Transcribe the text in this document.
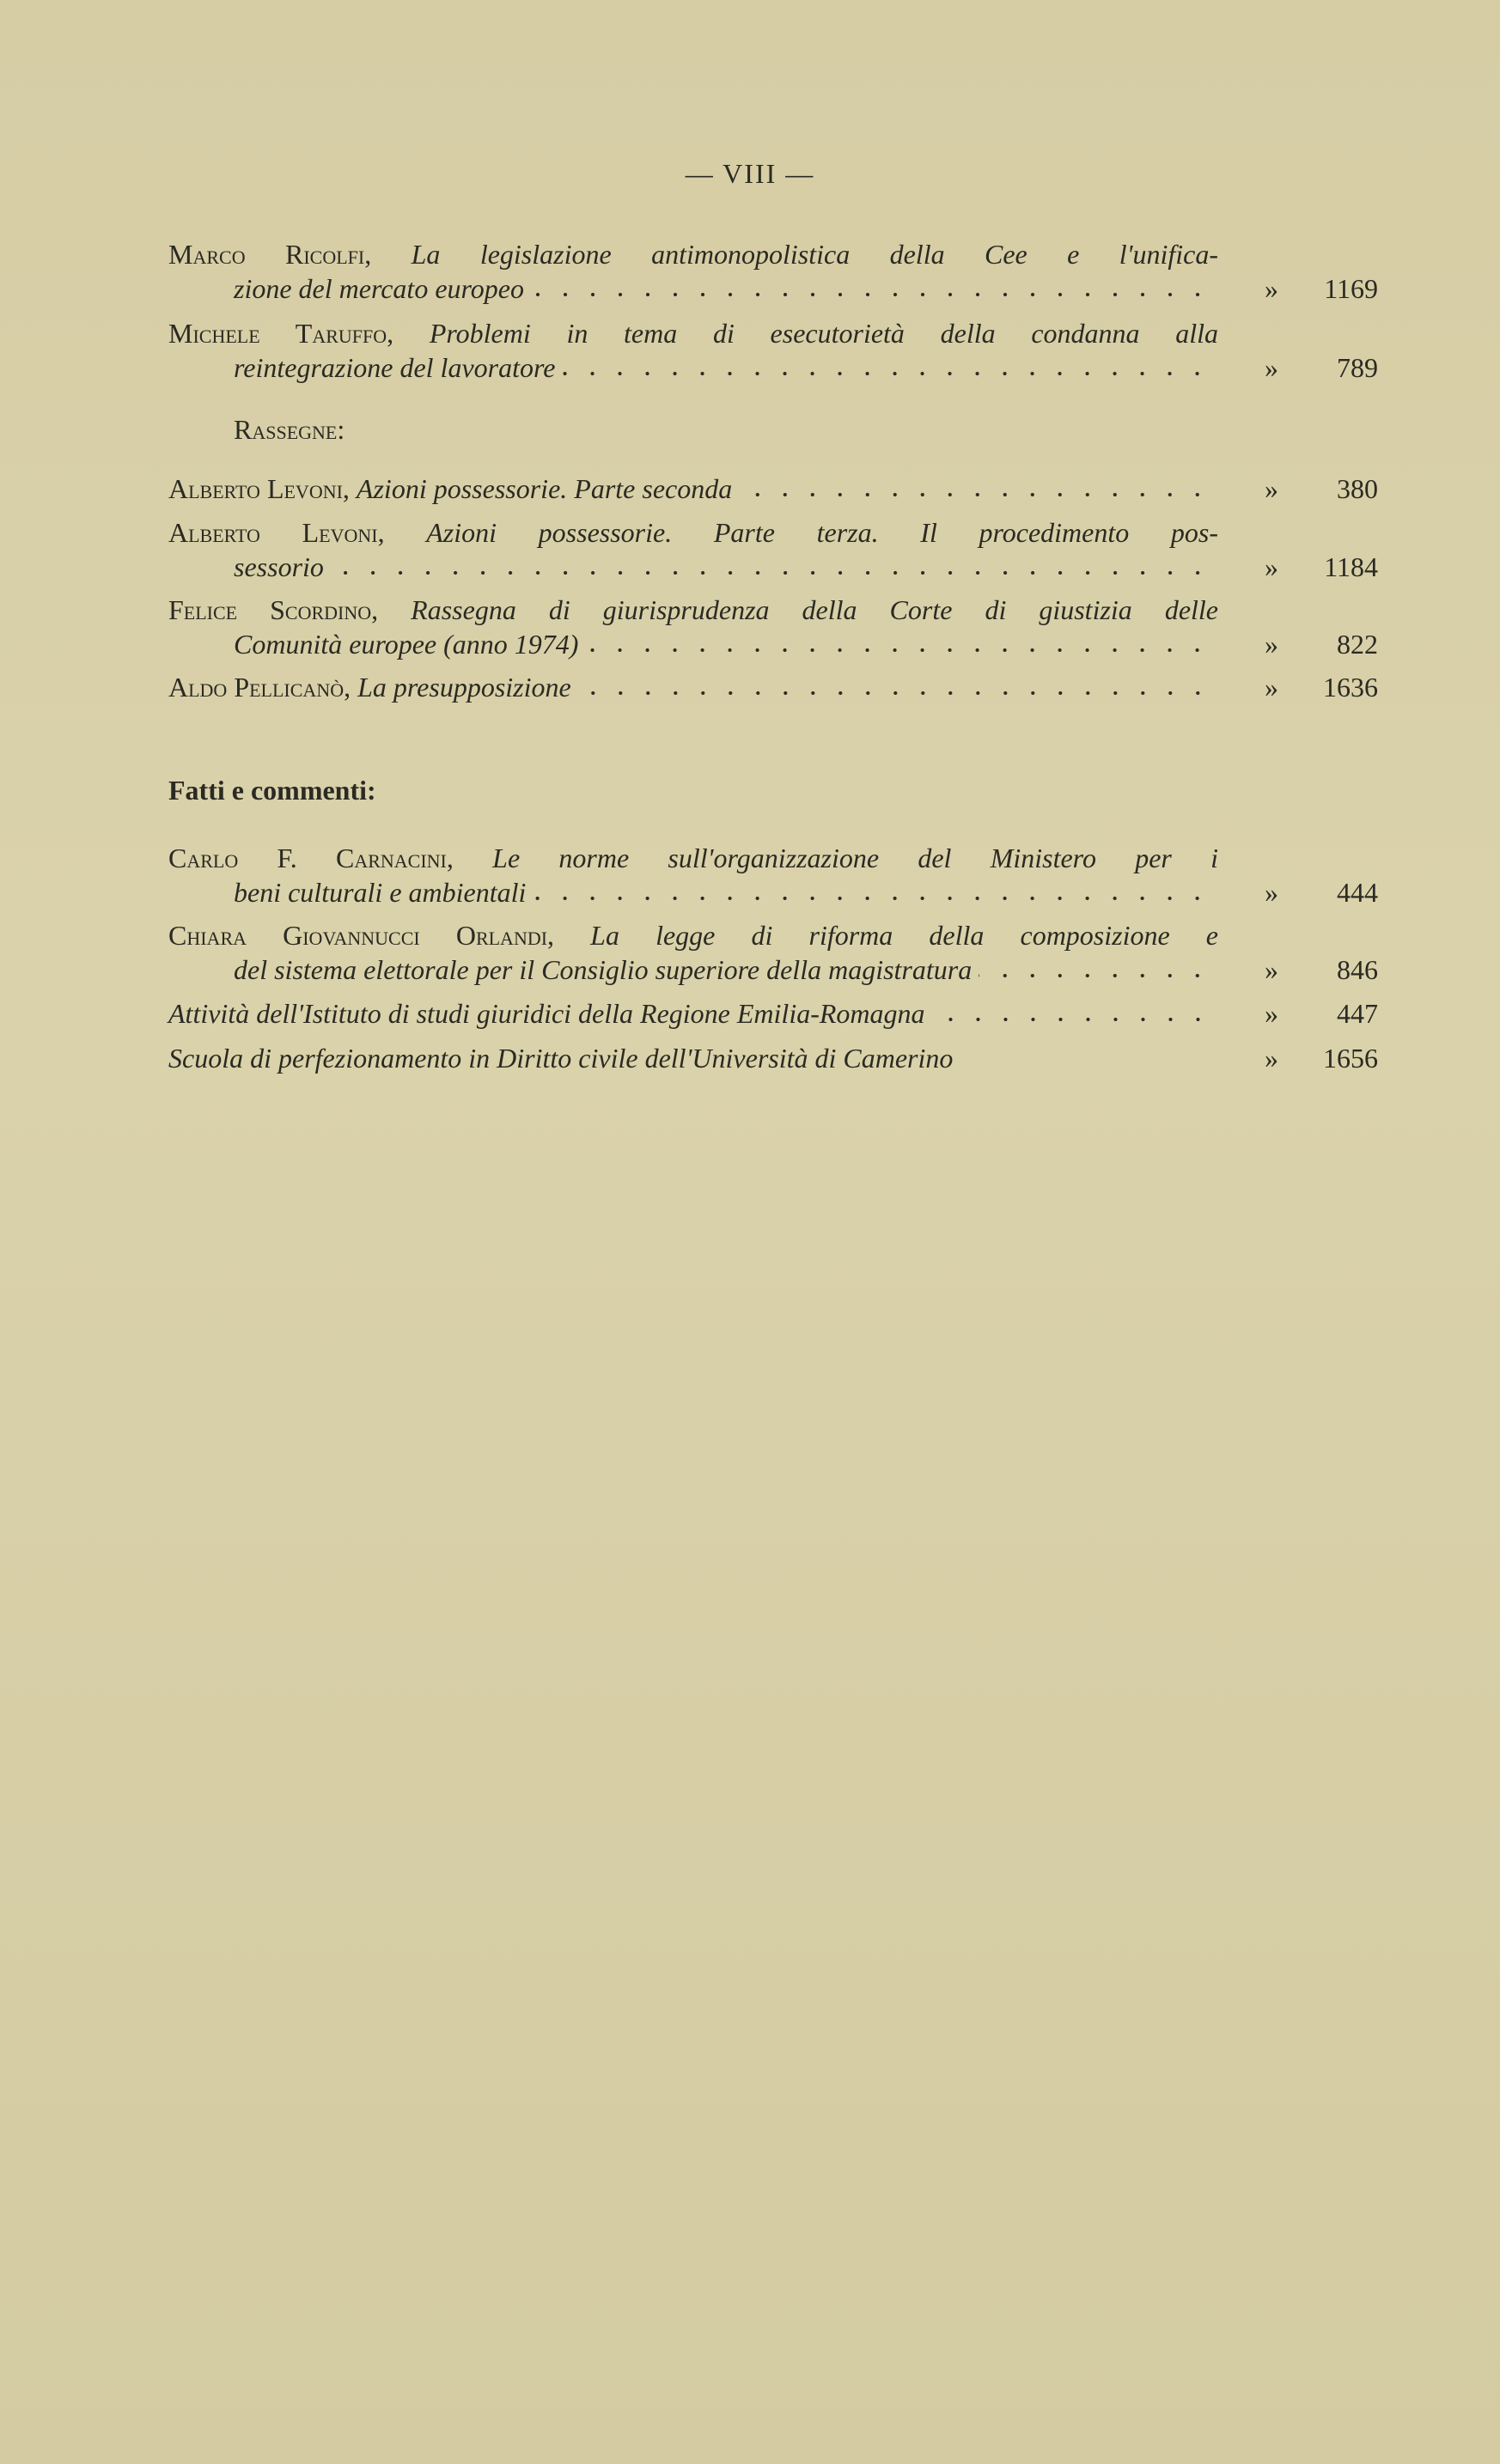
— VIII —
Marco Ricolfi, La legislazione antimonopolistica della Cee e l'unifica-
zione del mercato europeo	»	1169
Michele Taruffo, Problemi in tema di esecutorietà della condanna alla
reintegrazione del lavoratore	»	789
Rassegne:
Alberto Levoni,
Azioni possessorie. Parte seconda	»	380
Alberto Levoni, Azioni possessorie. Parte terza. Il procedimento pos-
sessorio	»	1184
Felice Scordino, Rassegna di giurisprudenza della Corte di giustizia delle
Comunità europee (anno 1974)	»	822
Aldo Pellicanò,
La presupposizione	»	1636
Fatti e commenti:
Carlo F. Carnacini, Le norme sull'organizzazione del Ministero per i
beni culturali e ambientali	»	444
Chiara Giovannucci Orlandi, La legge di riforma della composizione e
del sistema elettorale per il Consiglio superiore della magistratura	»	846
Attività dell'Istituto di studi giuridici della Regione Emilia-Romagna	»	447
Scuola di perfezionamento in Diritto civile dell'Università di Camerino	»	1656
